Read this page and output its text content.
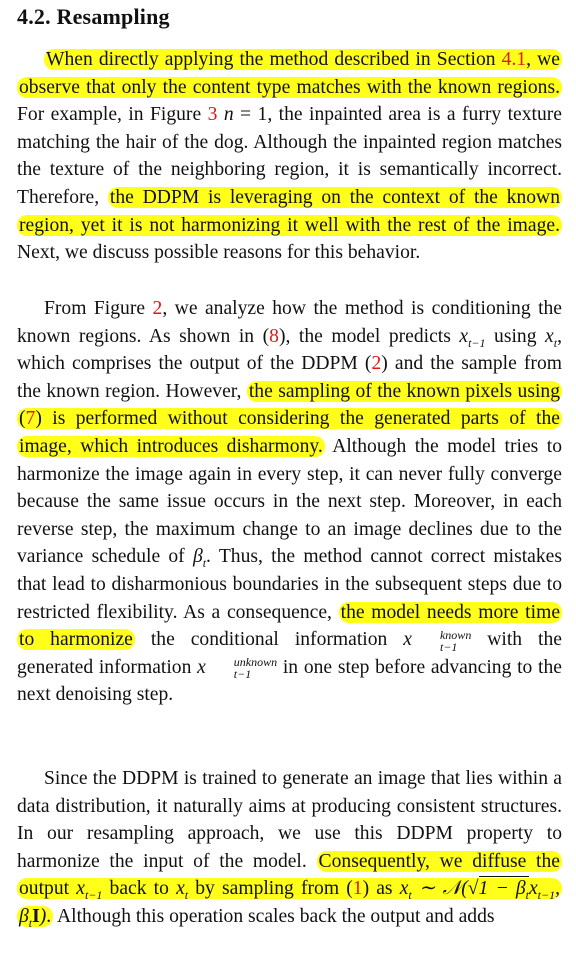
4.2. Resampling

When directly applying the method described in Section 4.1, we observe that only the content type matches with the known regions. For example, in Figure 3 n = 1, the inpainted area is a furry texture matching the hair of the dog. Although the inpainted region matches the texture of the neighboring region, it is semantically incorrect. Therefore, the DDPM is leveraging on the context of the known region, yet it is not harmonizing it well with the rest of the image. Next, we discuss possible reasons for this behavior.

From Figure 2, we analyze how the method is conditioning the known regions. As shown in (8), the model predicts $x_{t-1}$ using $x_t$, which comprises the output of the DDPM (2) and the sample from the known region. However, the sampling of the known pixels using (7) is performed without considering the generated parts of the image, which introduces disharmony. Although the model tries to harmonize the image again in every step, it can never fully converge because the same issue occurs in the next step. Moreover, in each reverse step, the maximum change to an image declines due to the variance schedule of $\beta_t$. Thus, the method cannot correct mistakes that lead to disharmonious boundaries in the subsequent steps due to restricted flexibility. As a consequence, the model needs more time to harmonize the conditional information x	known
t−1 with the generated information x	unknown
t−1	in one step before advancing to the next denoising step.

Since the DDPM is trained to generate an image that lies within a data distribution, it naturally aims at producing consistent structures. In our resampling approach, we use this DDPM property to harmonize the input of the model. Consequently, we diffuse the output $x_{t-1}$ back to $x_t$ by sampling from (1) as $x_t$ ∼ 𝒩(√1 − $\beta_tx_{t-1}$, $\beta_tI$). Although this operation scales back the output and adds
